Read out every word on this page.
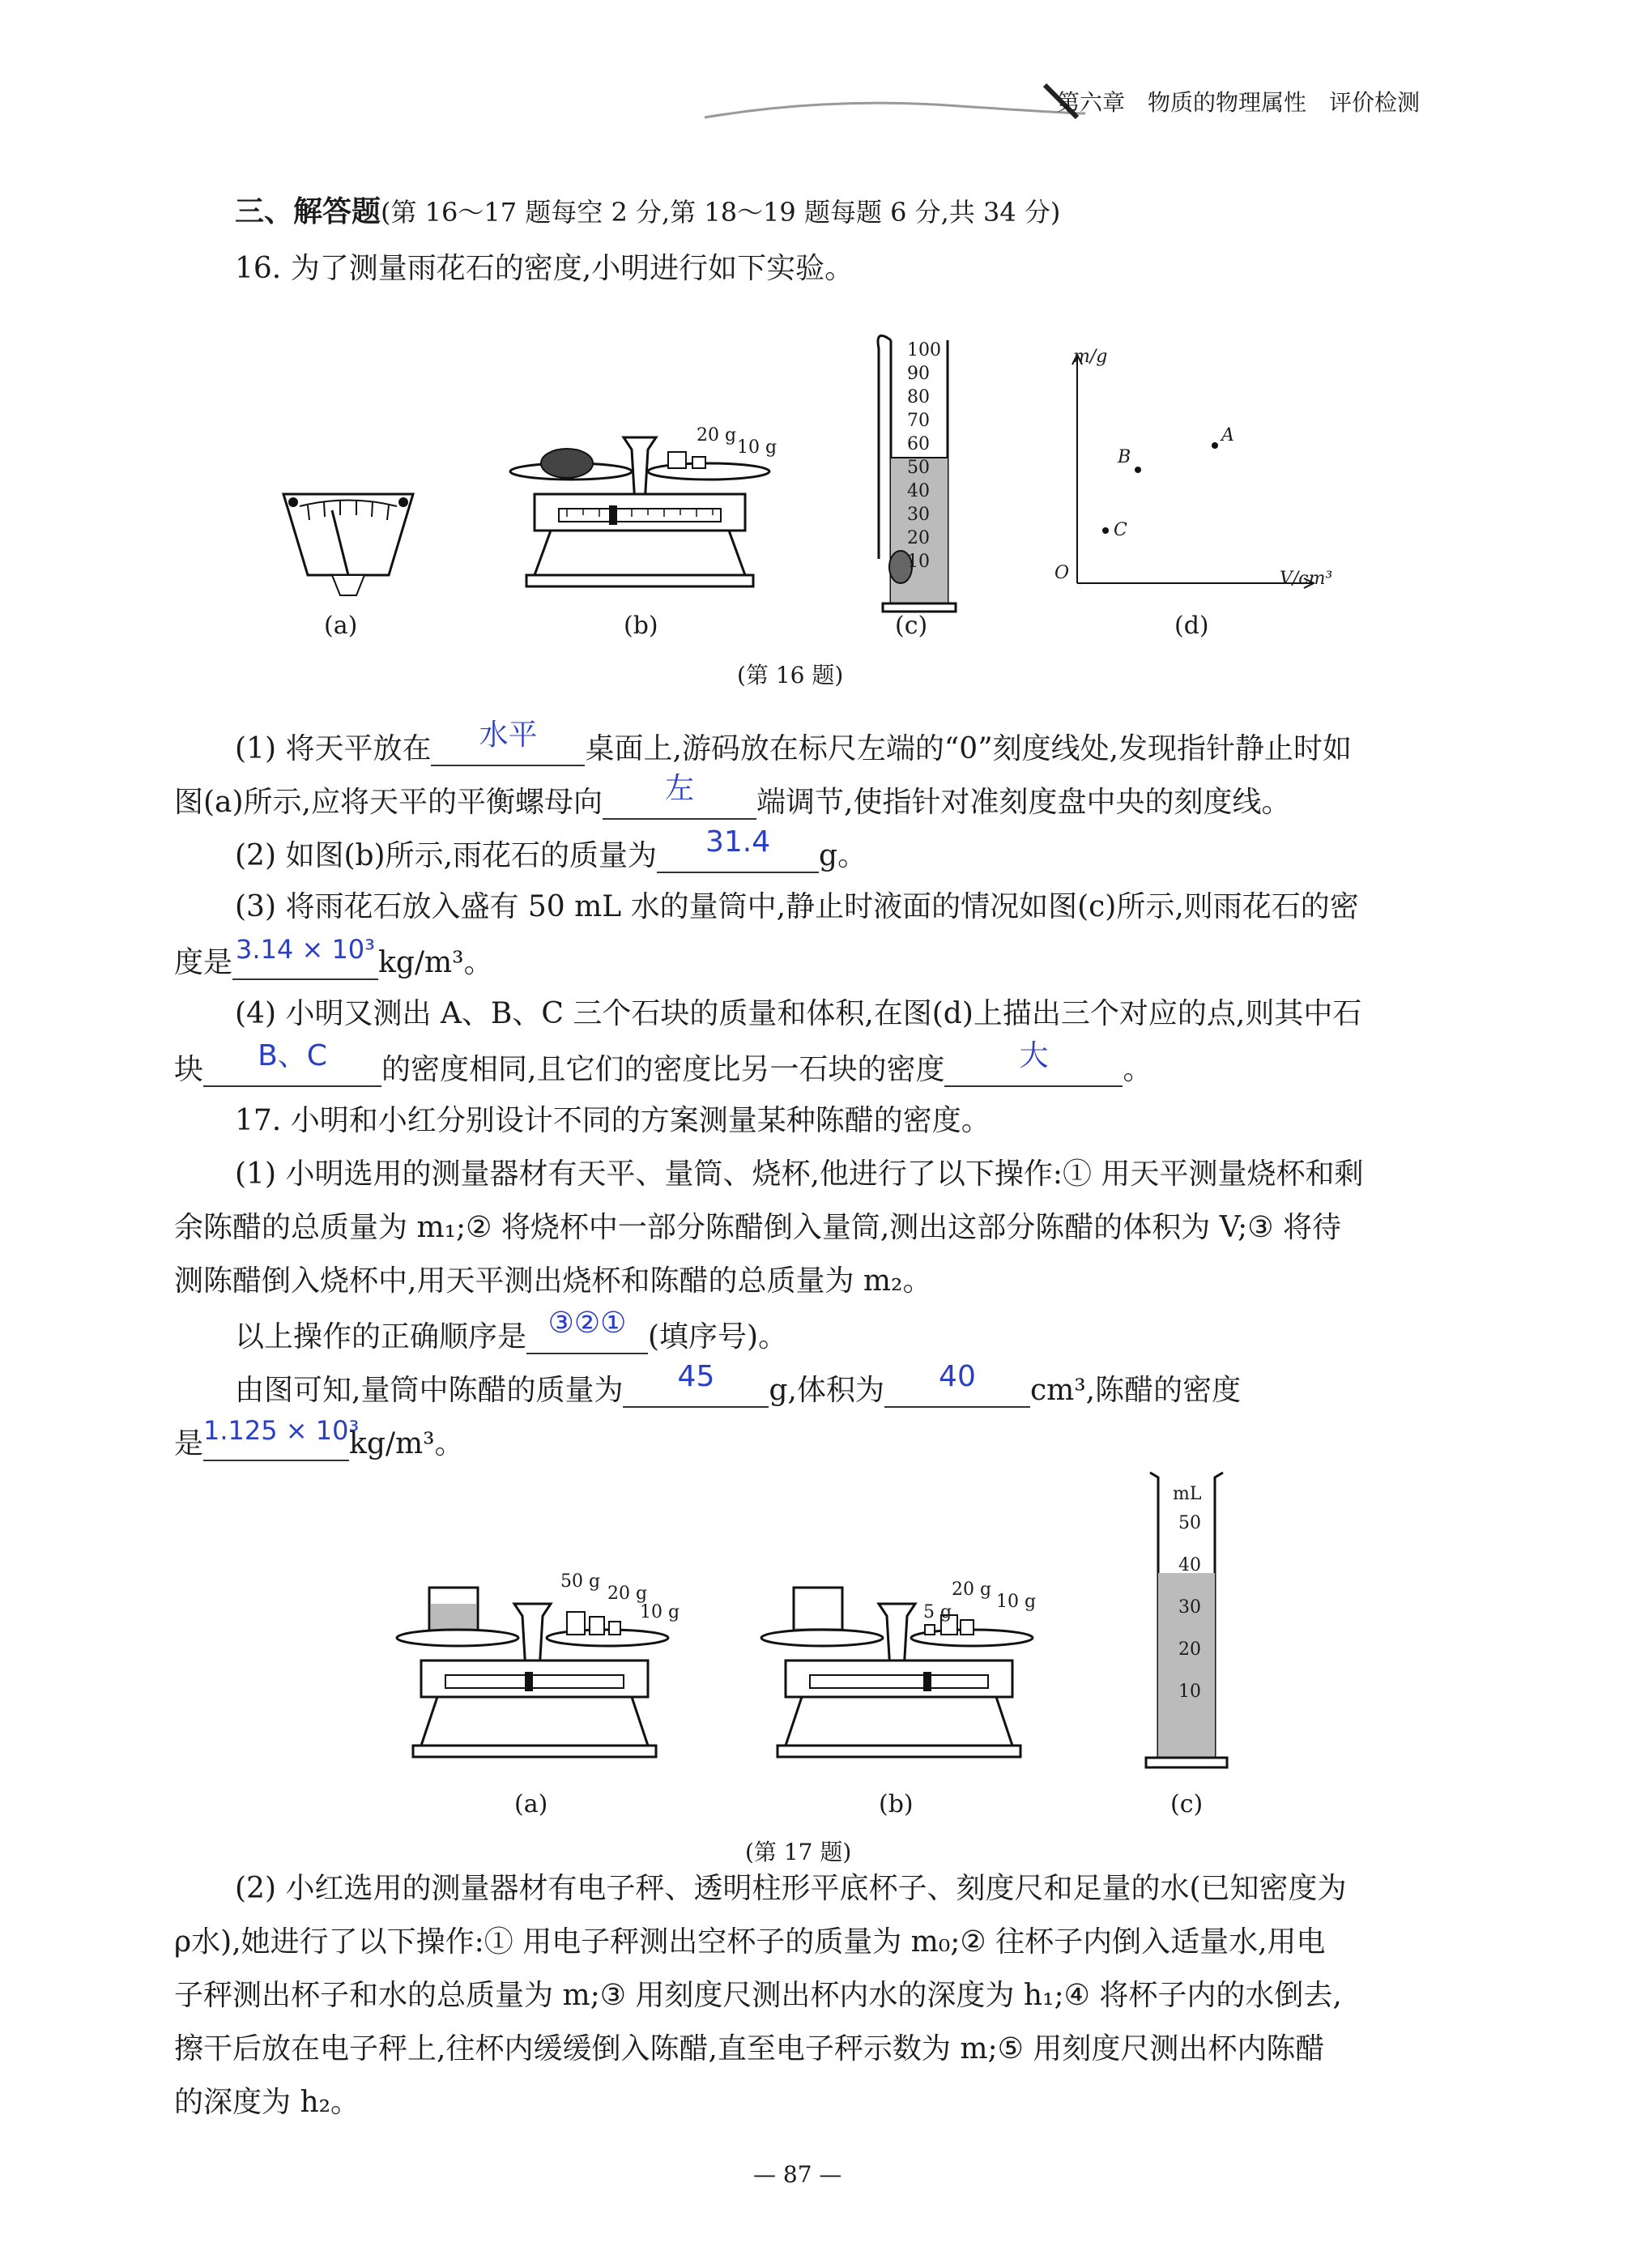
第六章　物质的物理属性　评价检测
三、解答题(第 16～17 题每空 2 分,第 18～19 题每题 6 分,共 34 分)
16. 为了测量雨花石的密度,小明进行如下实验。
(a)
20 g
10 g
(b)
100
90
80
70
60
50
40
30
20
10
(c)
m/g
V/cm³
O
A
B
C
(d)
(第 16 题)
(1) 将天平放在 水平 桌面上,游码放在标尺左端的“0”刻度线处,发现指针静止时如
图(a)所示,应将天平的平衡螺母向 左 端调节,使指针对准刻度盘中央的刻度线。
(2) 如图(b)所示,雨花石的质量为 31.4 g。
(3) 将雨花石放入盛有 50 mL 水的量筒中,静止时液面的情况如图(c)所示,则雨花石的密
度是 3.14 × 10³ kg/m³。
(4) 小明又测出 A、B、C 三个石块的质量和体积,在图(d)上描出三个对应的点,则其中石
块 B、C 的密度相同,且它们的密度比另一石块的密度	大	。
17. 小明和小红分别设计不同的方案测量某种陈醋的密度。
(1) 小明选用的测量器材有天平、量筒、烧杯,他进行了以下操作:① 用天平测量烧杯和剩
余陈醋的总质量为 m₁;② 将烧杯中一部分陈醋倒入量筒,测出这部分陈醋的体积为 V;③ 将待
测陈醋倒入烧杯中,用天平测出烧杯和陈醋的总质量为 m₂。
以上操作的正确顺序是 ③②① (填序号)。
由图可知,量筒中陈醋的质量为 45 g,体积为 40 cm³,陈醋的密度
是1.125 × 10³kg/m³。
50 g
20 g
10 g
(a)
5 g
20 g
10 g
(b)
mL
50
40
30
20
10
(c)
(第 17 题)
(2) 小红选用的测量器材有电子秤、透明柱形平底杯子、刻度尺和足量的水(已知密度为
ρ水),她进行了以下操作:① 用电子秤测出空杯子的质量为 m₀;② 往杯子内倒入适量水,用电
子秤测出杯子和水的总质量为 m;③ 用刻度尺测出杯内水的深度为 h₁;④ 将杯子内的水倒去,
擦干后放在电子秤上,往杯内缓缓倒入陈醋,直至电子秤示数为 m;⑤ 用刻度尺测出杯内陈醋
的深度为 h₂。
— 87 —
